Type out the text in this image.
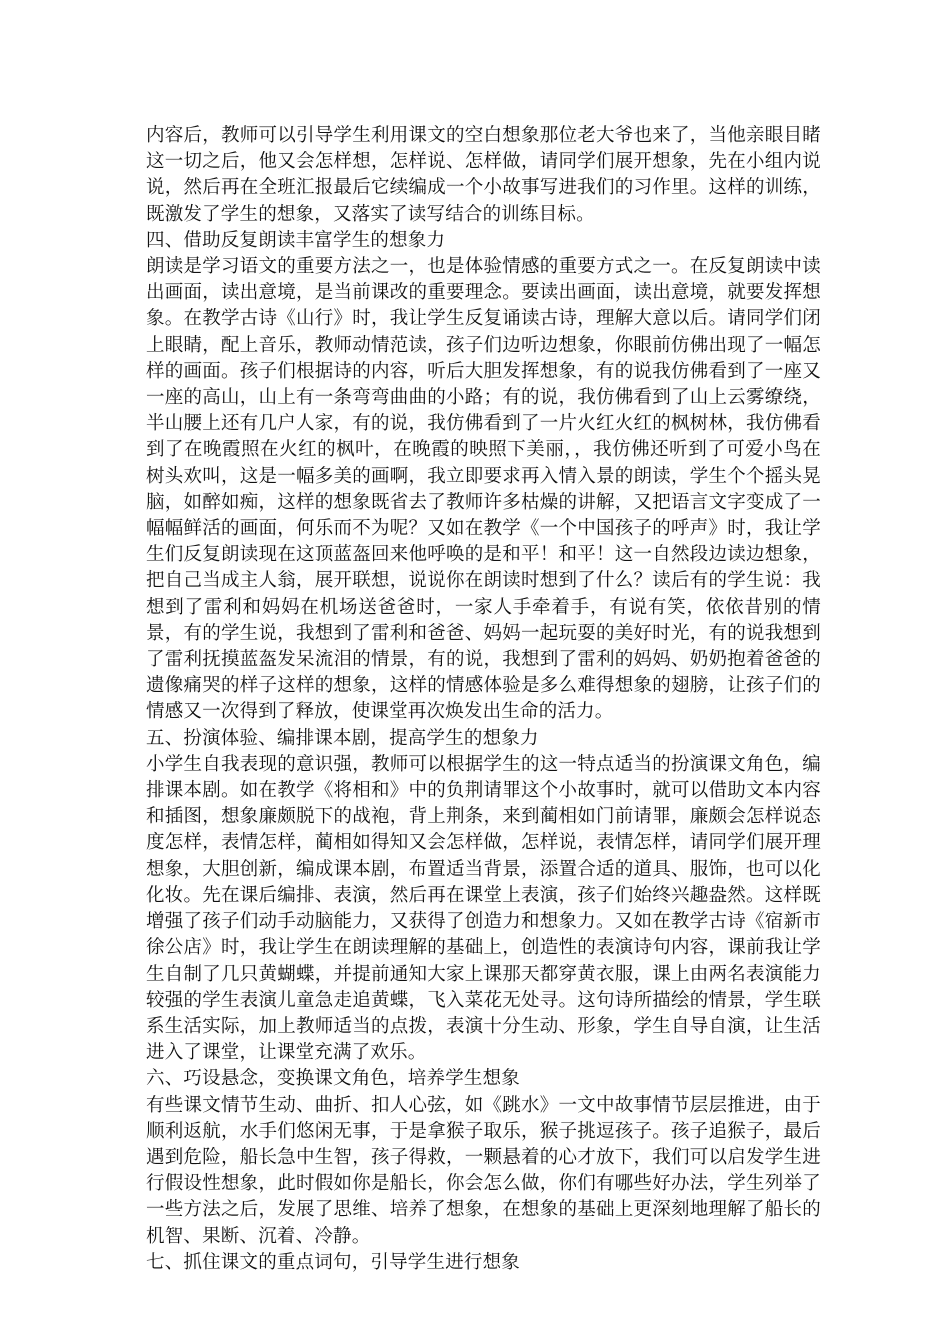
内容后，教师可以引导学生利用课文的空白想象那位老大爷也来了，当他亲眼目睹这一切之后，他又会怎样想，怎样说、怎样做，请同学们展开想象，先在小组内说说，然后再在全班汇报最后它续编成一个小故事写进我们的习作里。这样的训练，既激发了学生的想象，又落实了读写结合的训练目标。

四、借助反复朗读丰富学生的想象力

朗读是学习语文的重要方法之一，也是体验情感的重要方式之一。在反复朗读中读出画面，读出意境，是当前课改的重要理念。要读出画面，读出意境，就要发挥想象。在教学古诗《山行》时，我让学生反复诵读古诗，理解大意以后。请同学们闭上眼睛，配上音乐，教师动情范读，孩子们边听边想象，你眼前仿佛出现了一幅怎样的画面。孩子们根据诗的内容，听后大胆发挥想象，有的说我仿佛看到了一座又一座的高山，山上有一条弯弯曲曲的小路；有的说，我仿佛看到了山上云雾缭绕，半山腰上还有几户人家，有的说，我仿佛看到了一片火红火红的枫树林，我仿佛看到了在晚霞照在火红的枫叶，在晚霞的映照下美丽，，我仿佛还听到了可爱小鸟在树头欢叫，这是一幅多美的画啊，我立即要求再入情入景的朗读，学生个个摇头晃脑，如醉如痴，这样的想象既省去了教师许多枯燥的讲解，又把语言文字变成了一幅幅鲜活的画面，何乐而不为呢？又如在教学《一个中国孩子的呼声》时，我让学生们反复朗读现在这顶蓝盔回来他呼唤的是和平！和平！这一自然段边读边想象，把自己当成主人翁，展开联想，说说你在朗读时想到了什么？读后有的学生说：我想到了雷利和妈妈在机场送爸爸时，一家人手牵着手，有说有笑，依依昔别的情景，有的学生说，我想到了雷利和爸爸、妈妈一起玩耍的美好时光，有的说我想到了雷利抚摸蓝盔发呆流泪的情景，有的说，我想到了雷利的妈妈、奶奶抱着爸爸的遗像痛哭的样子这样的想象，这样的情感体验是多么难得想象的翅膀，让孩子们的情感又一次得到了释放，使课堂再次焕发出生命的活力。

五、扮演体验、编排课本剧，提高学生的想象力

小学生自我表现的意识强，教师可以根据学生的这一特点适当的扮演课文角色，编排课本剧。如在教学《将相和》中的负荆请罪这个小故事时，就可以借助文本内容和插图，想象廉颇脱下的战袍，背上荆条，来到蔺相如门前请罪，廉颇会怎样说态度怎样，表情怎样，蔺相如得知又会怎样做，怎样说，表情怎样，请同学们展开理想象，大胆创新，编成课本剧，布置适当背景，添置合适的道具、服饰，也可以化化妆。先在课后编排、表演，然后再在课堂上表演，孩子们始终兴趣盎然。这样既增强了孩子们动手动脑能力，又获得了创造力和想象力。又如在教学古诗《宿新市徐公店》时，我让学生在朗读理解的基础上，创造性的表演诗句内容，课前我让学生自制了几只黄蝴蝶，并提前通知大家上课那天都穿黄衣服，课上由两名表演能力较强的学生表演儿童急走追黄蝶，飞入菜花无处寻。这句诗所描绘的情景，学生联系生活实际，加上教师适当的点拨，表演十分生动、形象，学生自导自演，让生活进入了课堂，让课堂充满了欢乐。

六、巧设悬念，变换课文角色，培养学生想象

有些课文情节生动、曲折、扣人心弦，如《跳水》一文中故事情节层层推进，由于顺利返航，水手们悠闲无事，于是拿猴子取乐，猴子挑逗孩子。孩子追猴子，最后遇到危险，船长急中生智，孩子得救，一颗悬着的心才放下，我们可以启发学生进行假设性想象，此时假如你是船长，你会怎么做，你们有哪些好办法，学生列举了一些方法之后，发展了思维、培养了想象，在想象的基础上更深刻地理解了船长的机智、果断、沉着、冷静。

七、抓住课文的重点词句，引导学生进行想象
